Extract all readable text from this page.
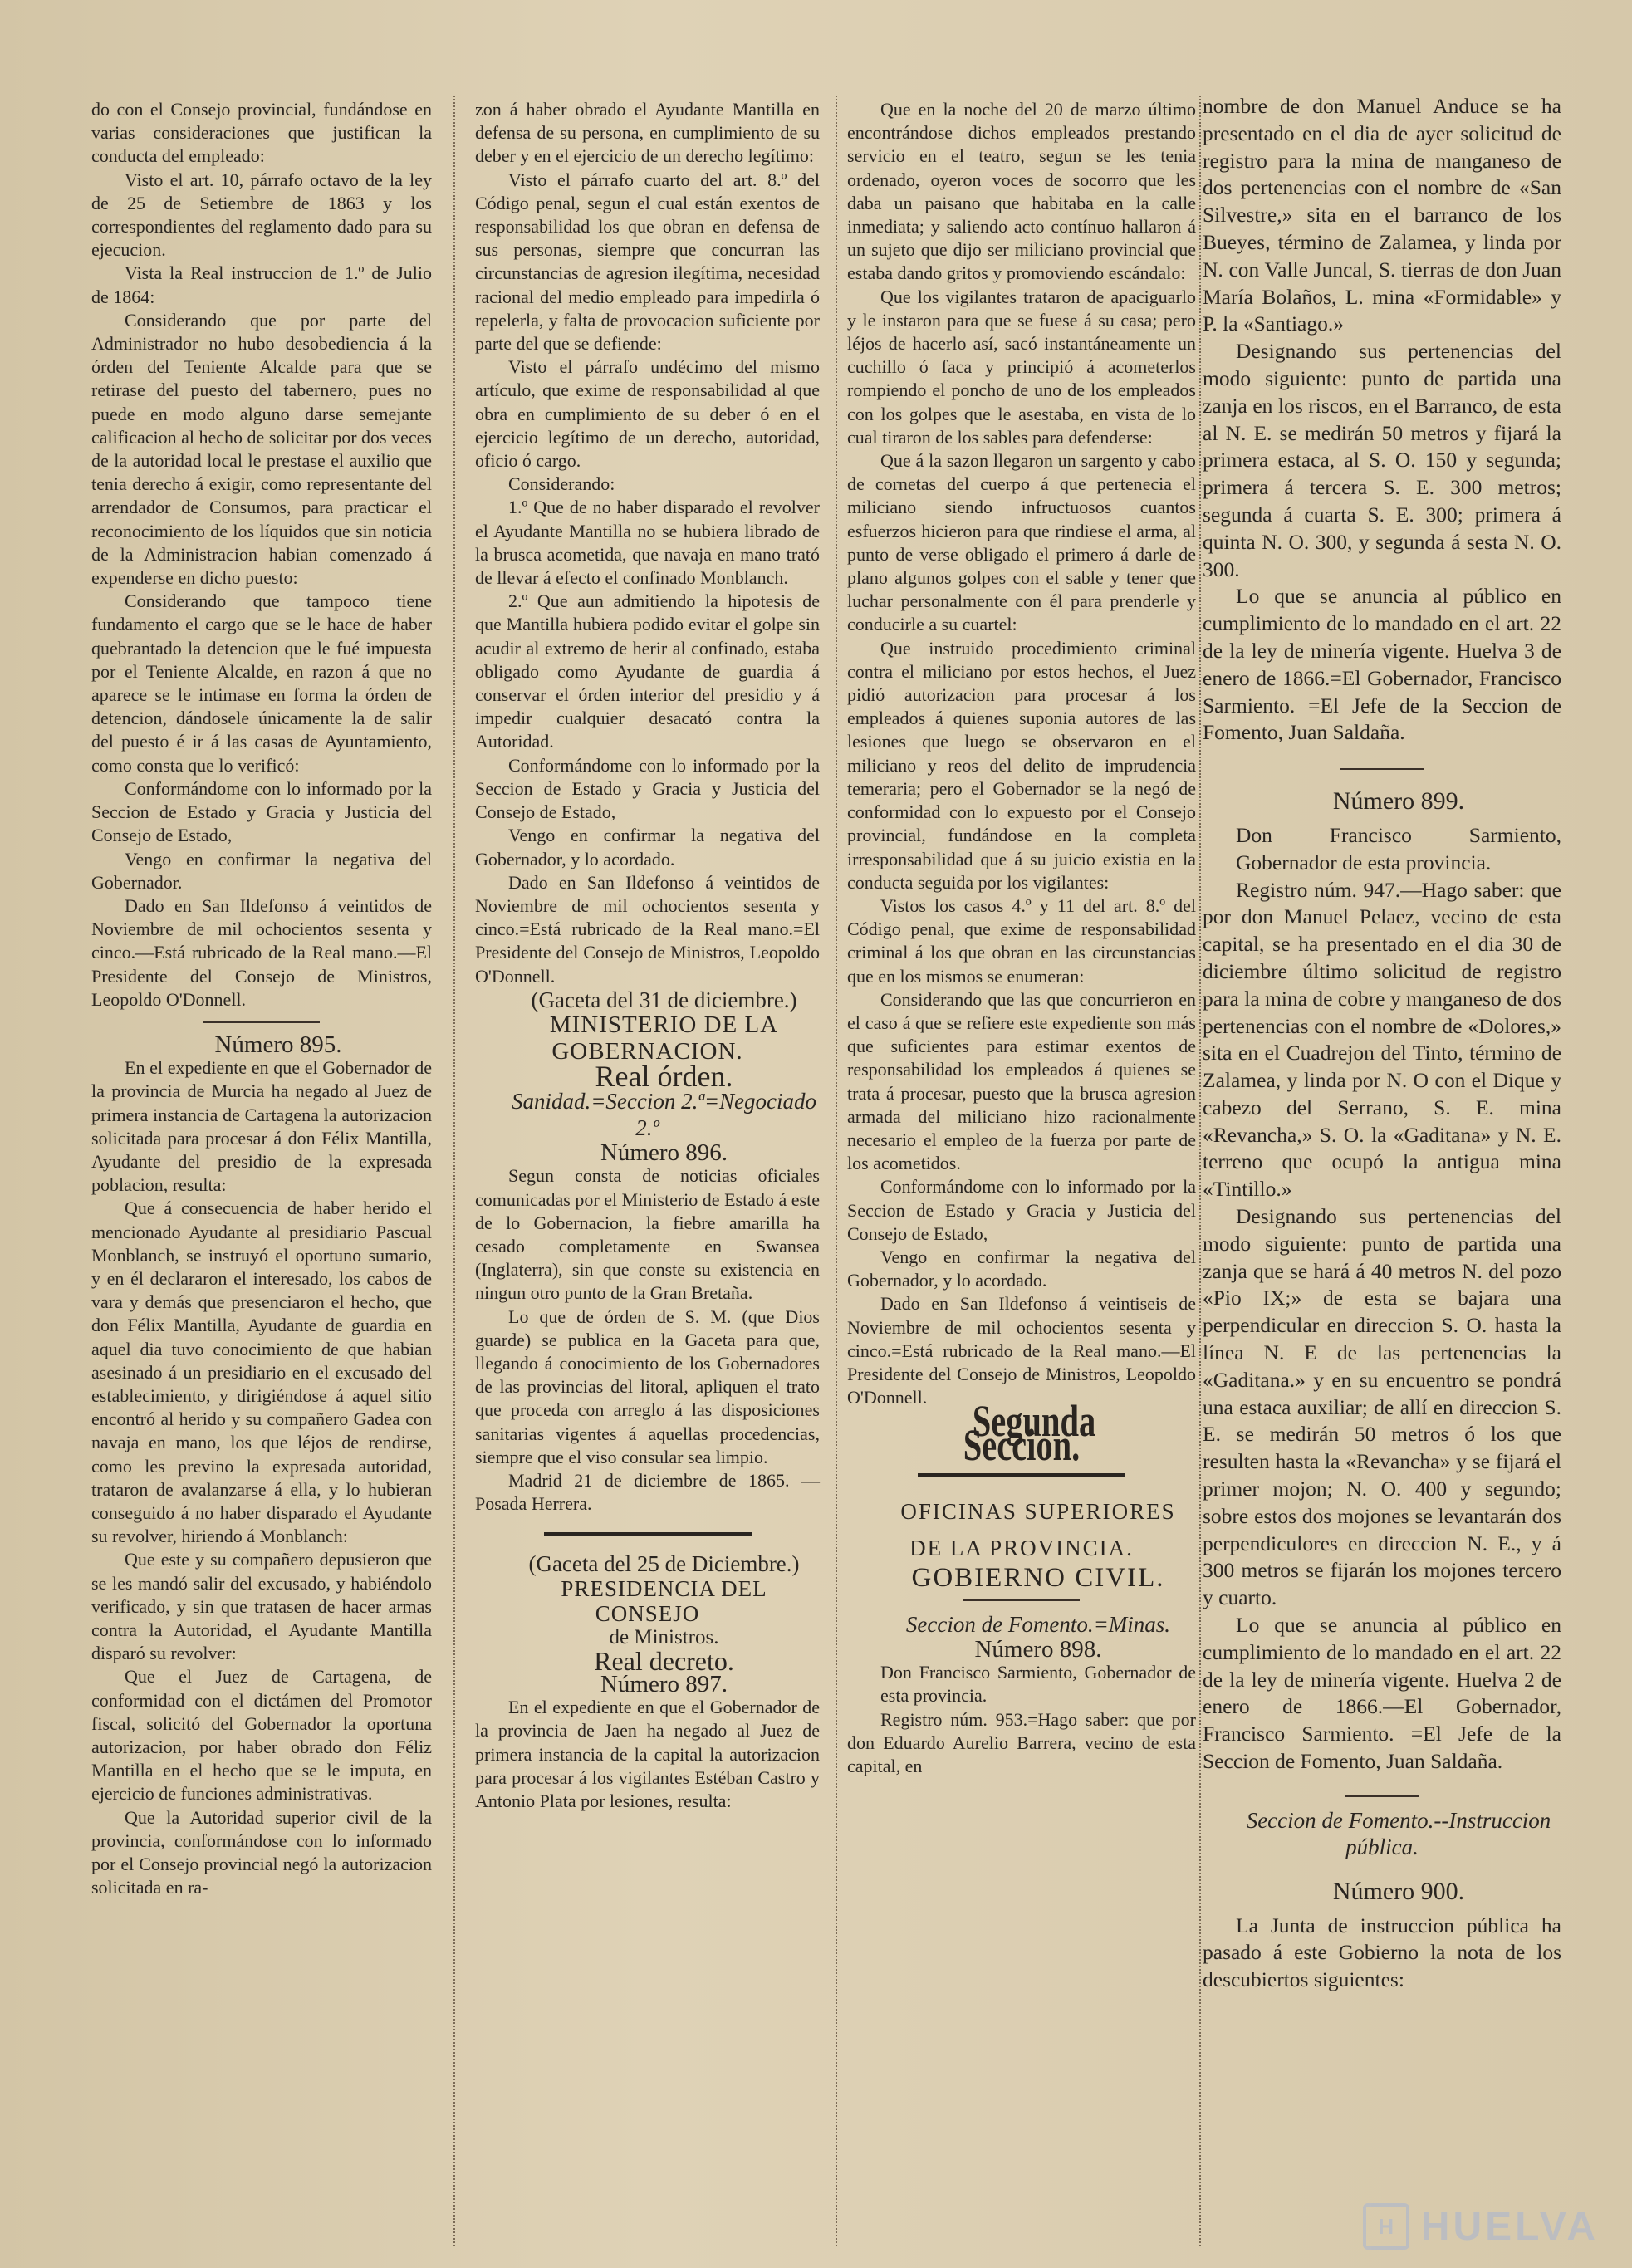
do con el Consejo provincial, fundándose en varias consideraciones que justifican la conducta del empleado:

Visto el art. 10, párrafo octavo de la ley de 25 de Setiembre de 1863 y los correspondientes del reglamento dado para su ejecucion.

Vista la Real instruccion de 1.º de Julio de 1864:

Considerando que por parte del Administrador no hubo desobediencia á la órden del Teniente Alcalde para que se retirase del puesto del tabernero, pues no puede en modo alguno darse semejante calificacion al hecho de solicitar por dos veces de la autoridad local le prestase el auxilio que tenia derecho á exigir, como representante del arrendador de Consumos, para practicar el reconocimiento de los líquidos que sin noticia de la Administracion habian comenzado á expenderse en dicho puesto:

Considerando que tampoco tiene fundamento el cargo que se le hace de haber quebrantado la detencion que le fué impuesta por el Teniente Alcalde, en razon á que no aparece se le intimase en forma la órden de detencion, dándosele únicamente la de salir del puesto é ir á las casas de Ayuntamiento, como consta que lo verificó:

Conformándome con lo informado por la Seccion de Estado y Gracia y Justicia del Consejo de Estado,

Vengo en confirmar la negativa del Gobernador.

Dado en San Ildefonso á veintidos de Noviembre de mil ochocientos sesenta y cinco.—Está rubricado de la Real mano.—El Presidente del Consejo de Ministros, Leopoldo O'Donnell.

Número 895.

En el expediente en que el Gobernador de la provincia de Murcia ha negado al Juez de primera instancia de Cartagena la autorizacion solicitada para procesar á don Félix Mantilla, Ayudante del presidio de la expresada poblacion, resulta:

Que á consecuencia de haber herido el mencionado Ayudante al presidiario Pascual Monblanch, se instruyó el oportuno sumario, y en él declararon el interesado, los cabos de vara y demás que presenciaron el hecho, que don Félix Mantilla, Ayudante de guardia en aquel dia tuvo conocimiento de que habian asesinado á un presidiario en el excusado del establecimiento, y dirigiéndose á aquel sitio encontró al herido y su compañero Gadea con navaja en mano, los que léjos de rendirse, como les previno la expresada autoridad, trataron de avalanzarse á ella, y lo hubieran conseguido á no haber disparado el Ayudante su revolver, hiriendo á Monblanch:

Que este y su compañero depusieron que se les mandó salir del excusado, y habiéndolo verificado, y sin que tratasen de hacer armas contra la Autoridad, el Ayudante Mantilla disparó su revolver:

Que el Juez de Cartagena, de conformidad con el dictámen del Promotor fiscal, solicitó del Gobernador la oportuna autorizacion, por haber obrado don Féliz Mantilla en el hecho que se le imputa, en ejercicio de funciones administrativas.

Que la Autoridad superior civil de la provincia, conformándose con lo informado por el Consejo provincial negó la autorizacion solicitada en ra-

zon á haber obrado el Ayudante Mantilla en defensa de su persona, en cumplimiento de su deber y en el ejercicio de un derecho legítimo:

Visto el párrafo cuarto del art. 8.º del Código penal, segun el cual están exentos de responsabilidad los que obran en defensa de sus personas, siempre que concurran las circunstancias de agresion ilegítima, necesidad racional del medio empleado para impedirla ó repelerla, y falta de provocacion suficiente por parte del que se defiende:

Visto el párrafo undécimo del mismo artículo, que exime de responsabilidad al que obra en cumplimiento de su deber ó en el ejercicio legítimo de un derecho, autoridad, oficio ó cargo.

Considerando:

1.º Que de no haber disparado el revolver el Ayudante Mantilla no se hubiera librado de la brusca acometida, que navaja en mano trató de llevar á efecto el confinado Monblanch.

2.º Que aun admitiendo la hipotesis de que Mantilla hubiera podido evitar el golpe sin acudir al extremo de herir al confinado, estaba obligado como Ayudante de guardia á conservar el órden interior del presidio y á impedir cualquier desacató contra la Autoridad.

Conformándome con lo informado por la Seccion de Estado y Gracia y Justicia del Consejo de Estado,

Vengo en confirmar la negativa del Gobernador, y lo acordado.

Dado en San Ildefonso á veintidos de Noviembre de mil ochocientos sesenta y cinco.=Está rubricado de la Real mano.=El Presidente del Consejo de Ministros, Leopoldo O'Donnell.

(Gaceta del 31 de diciembre.)

MINISTERIO DE LA GOBERNACION.

Real órden.

Sanidad.=Seccion 2.ª=Negociado 2.º

Número 896.

Segun consta de noticias oficiales comunicadas por el Ministerio de Estado á este de lo Gobernacion, la fiebre amarilla ha cesado completamente en Swansea (Inglaterra), sin que conste su existencia en ningun otro punto de la Gran Bretaña.

Lo que de órden de S. M. (que Dios guarde) se publica en la Gaceta para que, llegando á conocimiento de los Gobernadores de las provincias del litoral, apliquen el trato que proceda con arreglo á las disposiciones sanitarias vigentes á aquellas procedencias, siempre que el viso consular sea limpio.

Madrid 21 de diciembre de 1865. —Posada Herrera.

(Gaceta del 25 de Diciembre.)

PRESIDENCIA DEL CONSEJO

de Ministros.

Real decreto.

Número 897.

En el expediente en que el Gobernador de la provincia de Jaen ha negado al Juez de primera instancia de la capital la autorizacion para procesar á los vigilantes Estéban Castro y Antonio Plata por lesiones, resulta:

Que en la noche del 20 de marzo último encontrándose dichos empleados prestando servicio en el teatro, segun se les tenia ordenado, oyeron voces de socorro que les daba un paisano que habitaba en la calle inmediata; y saliendo acto contínuo hallaron á un sujeto que dijo ser miliciano provincial que estaba dando gritos y promoviendo escándalo:

Que los vigilantes trataron de apaciguarlo y le instaron para que se fuese á su casa; pero léjos de hacerlo así, sacó instantáneamente un cuchillo ó faca y principió á acometerlos rompiendo el poncho de uno de los empleados con los golpes que le asestaba, en vista de lo cual tiraron de los sables para defenderse:

Que á la sazon llegaron un sargento y cabo de cornetas del cuerpo á que pertenecia el miliciano siendo infructuosos cuantos esfuerzos hicieron para que rindiese el arma, al punto de verse obligado el primero á darle de plano algunos golpes con el sable y tener que luchar personalmente con él para prenderle y conducirle a su cuartel:

Que instruido procedimiento criminal contra el miliciano por estos hechos, el Juez pidió autorizacion para procesar á los empleados á quienes suponia autores de las lesiones que luego se observaron en el miliciano y reos del delito de imprudencia temeraria; pero el Gobernador se la negó de conformidad con lo expuesto por el Consejo provincial, fundándose en la completa irresponsabilidad que á su juicio existia en la conducta seguida por los vigilantes:

Vistos los casos 4.º y 11 del art. 8.º del Código penal, que exime de responsabilidad criminal á los que obran en las circunstancias que en los mismos se enumeran:

Considerando que las que concurrieron en el caso á que se refiere este expediente son más que suficientes para estimar exentos de responsabilidad los empleados á quienes se trata á procesar, puesto que la brusca agresion armada del miliciano hizo racionalmente necesario el empleo de la fuerza por parte de los acometidos.

Conformándome con lo informado por la Seccion de Estado y Gracia y Justicia del Consejo de Estado,

Vengo en confirmar la negativa del Gobernador, y lo acordado.

Dado en San Ildefonso á veintiseis de Noviembre de mil ochocientos sesenta y cinco.=Está rubricado de la Real mano.—El Presidente del Consejo de Ministros, Leopoldo O'Donnell.	Segunda Seccion.

OFICINAS SUPERIORES DE LA PROVINCIA.

GOBIERNO CIVIL.

Seccion de Fomento.=Minas.

Número 898.

Don Francisco Sarmiento, Gobernador de esta provincia.

Registro núm. 953.=Hago saber: que por don Eduardo Aurelio Barrera, vecino de esta capital, en

nombre de don Manuel Anduce se ha presentado en el dia de ayer solicitud de registro para la mina de manganeso de dos pertenencias con el nombre de «San Silvestre,» sita en el barranco de los Bueyes, término de Zalamea, y linda por N. con Valle Juncal, S. tierras de don Juan María Bolaños, L. mina «Formidable» y P. la «Santiago.»

Designando sus pertenencias del modo siguiente: punto de partida una zanja en los riscos, en el Barranco, de esta al N. E. se medirán 50 metros y fijará la primera estaca, al S. O. 150 y segunda; primera á tercera S. E. 300 metros; segunda á cuarta S. E. 300; primera á quinta N. O. 300, y segunda á sesta N. O. 300.

Lo que se anuncia al público en cumplimiento de lo mandado en el art. 22 de la ley de minería vigente. Huelva 3 de enero de 1866.=El Gobernador, Francisco Sarmiento. =El Jefe de la Seccion de Fomento, Juan Saldaña.

Número 899.

Don Francisco Sarmiento, Gobernador de esta provincia.

Registro núm. 947.—Hago saber: que por don Manuel Pelaez, vecino de esta capital, se ha presentado en el dia 30 de diciembre último solicitud de registro para la mina de cobre y manganeso de dos pertenencias con el nombre de «Dolores,» sita en el Cuadrejon del Tinto, término de Zalamea, y linda por N. O con el Dique y cabezo del Serrano, S. E. mina «Revancha,» S. O. la «Gaditana» y N. E. terreno que ocupó la antigua mina «Tintillo.»

Designando sus pertenencias del modo siguiente: punto de partida una zanja que se hará á 40 metros N. del pozo «Pio IX;» de esta se bajara una perpendicular en direccion S. O. hasta la línea N. E de las pertenencias la «Gaditana.» y en su encuentro se pondrá una estaca auxiliar; de allí en direccion S. E. se medirán 50 metros ó los que resulten hasta la «Revancha» y se fijará el primer mojon; N. O. 400 y segundo; sobre estos dos mojones se levantarán dos perpendiculores en direccion N. E., y á 300 metros se fijarán los mojones tercero y cuarto.

Lo que se anuncia al público en cumplimiento de lo mandado en el art. 22 de la ley de minería vigente. Huelva 2 de enero de 1866.—El Gobernador, Francisco Sarmiento. =El Jefe de la Seccion de Fomento, Juan Saldaña.

Seccion de Fomento.--Instruccion pública.

Número 900.

La Junta de instruccion pública ha pasado á este Gobierno la nota de los descubiertos siguientes:

H HUELVA
